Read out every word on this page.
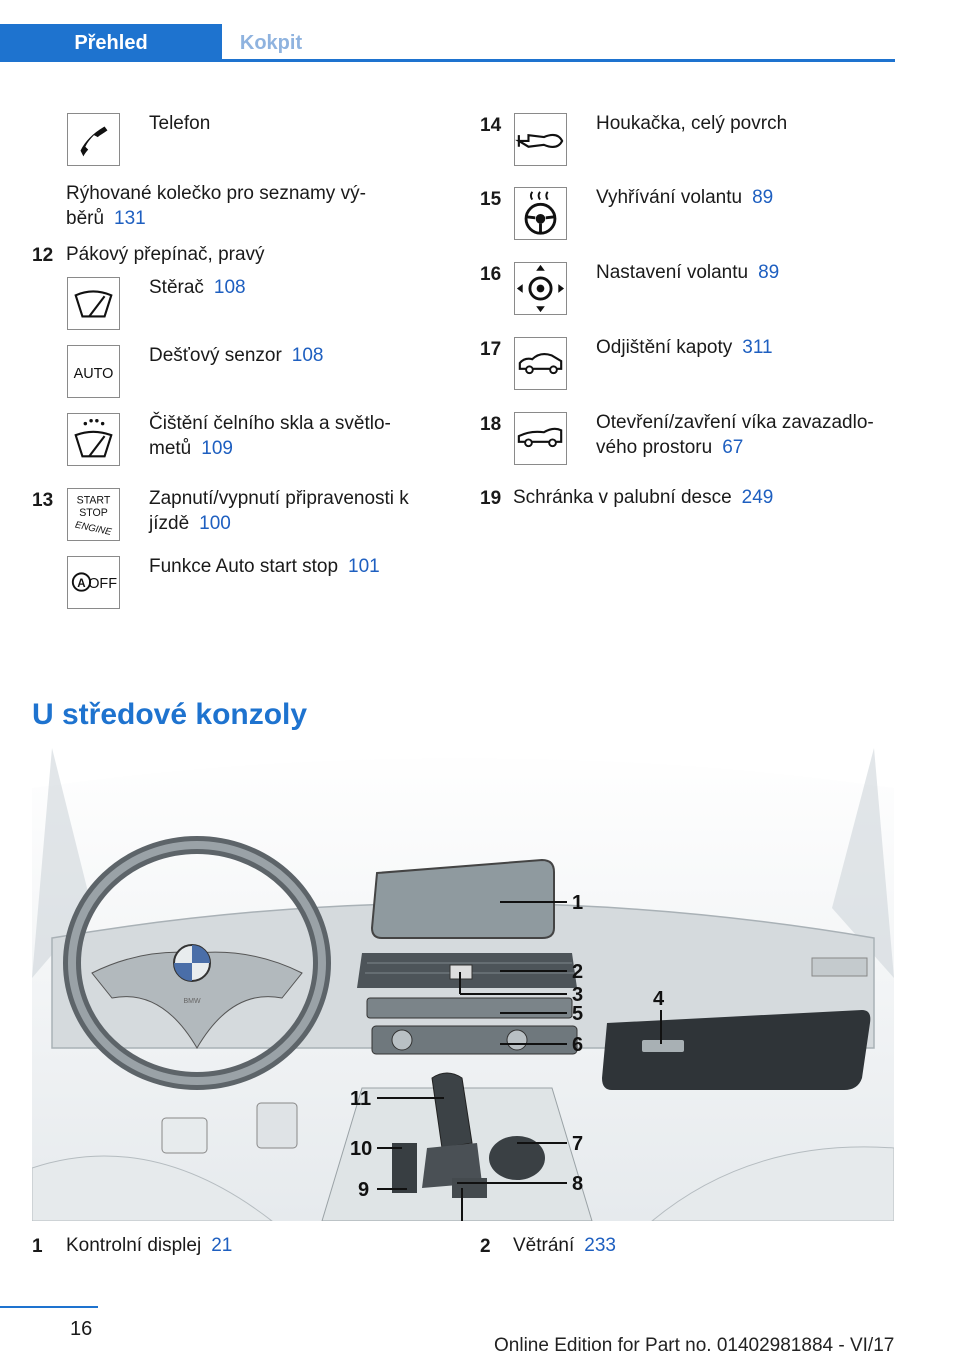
Přehled	Kokpit
Telefon
Rýhované kolečko pro seznamy vý-
běrů 131
12 Pákový přepínač, pravý
Stěrač 108
AUTO
Dešťový senzor 108
Čištění čelního skla a světlo-
metů 109
13 START
STOP
ENGINE
Zapnutí/vypnutí připravenosti k
jízdě 100
A OFF
Funkce Auto start stop 101
14	Houkačka, celý povrch
15	Vyhřívání volantu 89
16	Nastavení volantu 89
17	Odjištění kapoty 311
18	Otevření/zavření víka zavazadlo-
vého prostoru 67
19 Schránka v palubní desce 249
U středové konzoly
BMW
1
2
3	4
5
6
7
8
9
10
11
1 Kontrolní displej 21	2 Větrání 233
16
Online Edition for Part no. 01402981884 - VI/17
